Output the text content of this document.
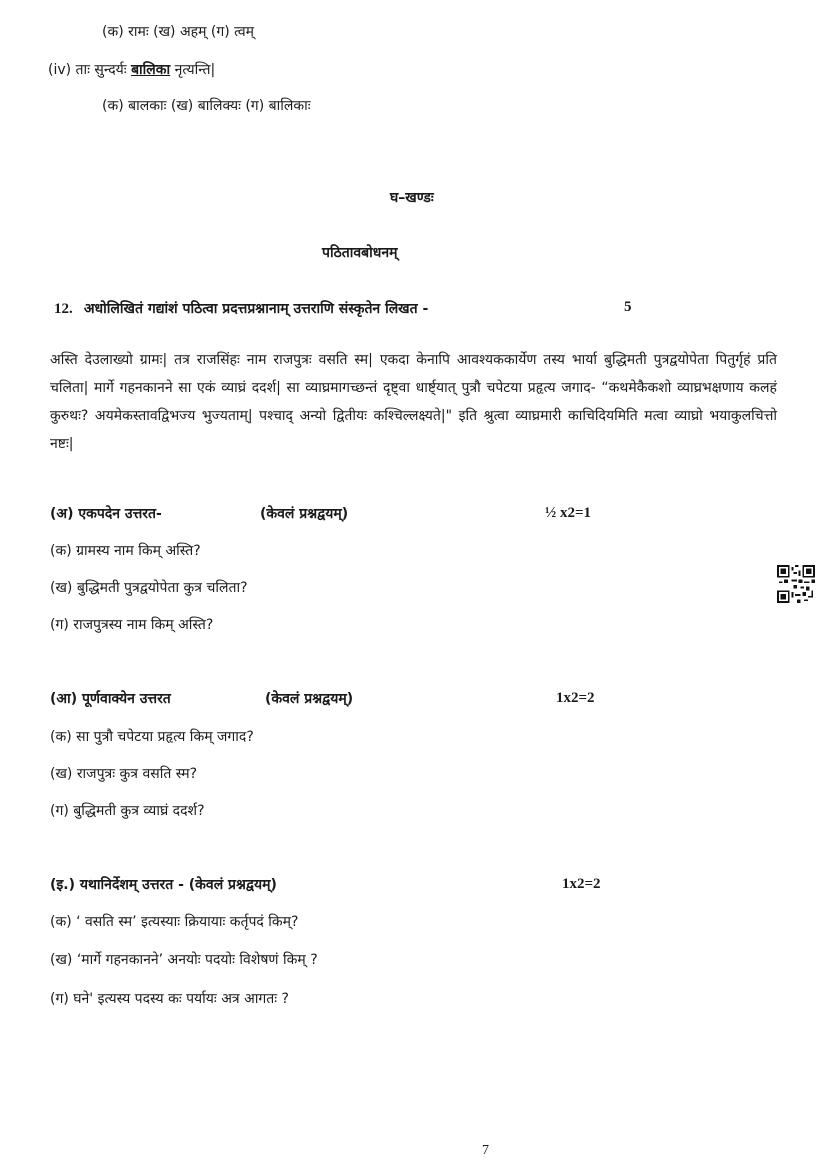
(क) रामः (ख) अहम् (ग) त्वम्
(iv) ताः सुन्दर्यः बालिका नृत्यन्ति|
(क) बालकाः (ख) बालिक्यः (ग) बालिकाः
घ–खण्डः
पठितावबोधनम्
12. अधोलिखितं गद्यांशं पठित्वा प्रदत्तप्रश्नानाम् उत्तराणि संस्कृतेन लिखत -	5
अस्ति देउलाख्यो ग्रामः| तत्र राजसिंहः नाम राजपुत्रः वसति स्म| एकदा केनापि आवश्यककार्येण तस्य भार्या बुद्धिमती पुत्रद्वयोपेता पितुर्गृहं प्रति चलिता| मार्गे गहनकानने सा एकं व्याघ्रं ददर्श| सा व्याघ्रमागच्छन्तं दृष्ट्वा धार्ष्ट्यात् पुत्रौ चपेटया प्रहृत्य जगाद- “कथमेकैकशो व्याघ्रभक्षणाय कलहं कुरुथः? अयमेकस्तावद्विभज्य भुज्यताम्| पश्चाद् अन्यो द्वितीयः कश्चिल्लक्ष्यते|" इति श्रुत्वा व्याघ्रमारी काचिदियमिति मत्वा व्याघ्रो भयाकुलचित्तो नष्टः|
(अ) एकपदेन उत्तरत-	(केवलं प्रश्नद्वयम्)	½ x2=1
(क) ग्रामस्य नाम किम् अस्ति?
(ख) बुद्धिमती पुत्रद्वयोपेता कुत्र चलिता?
(ग) राजपुत्रस्य नाम किम् अस्ति?
(आ) पूर्णवाक्येन उत्तरत	(केवलं प्रश्नद्वयम्)	1x2=2
(क) सा पुत्रौ चपेटया प्रहृत्य किम् जगाद?
(ख) राजपुत्रः कुत्र वसति स्म?
(ग) बुद्धिमती कुत्र व्याघ्रं ददर्श?
(इ.) यथानिर्देशम् उत्तरत - (केवलं प्रश्नद्वयम्)	1x2=2
(क) ‘ वसति स्म’ इत्यस्याः क्रियायाः कर्तृपदं किम्?
(ख) ‘मार्गे गहनकानने’ अनयोः पदयोः विशेषणं किम् ?
(ग) घने' इत्यस्य पदस्य कः पर्यायः अत्र आगतः ?
7
